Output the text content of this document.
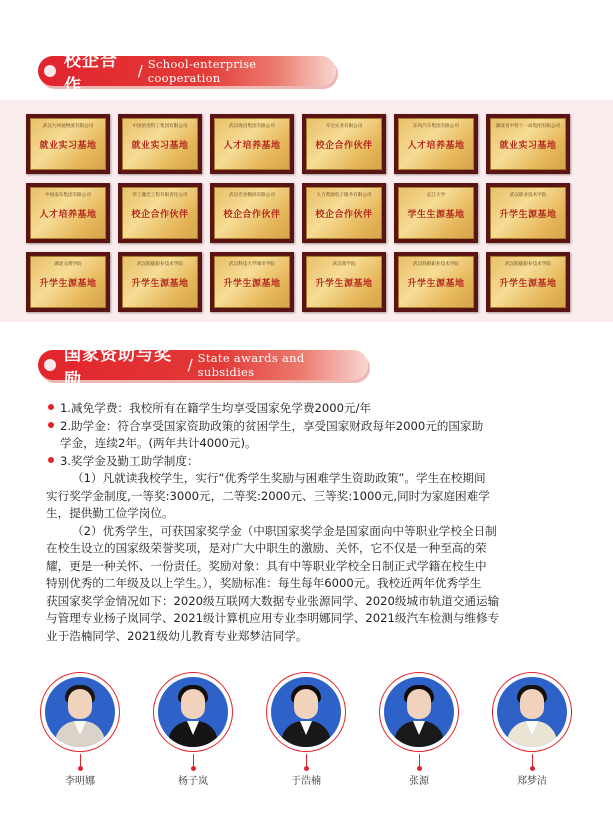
校企合作
/ School-enterprise cooperation
武汉九州通物流有限公司
就业实习基地
中国冶金科工集团有限公司
就业实习基地
武汉海昌集团有限公司
人才培养基地
开达实业有限公司
校企合作伙伴
东风汽车集团有限公司
人才培养基地
湖北省中铁十一局集团有限公司
就业实习基地
中国南车集团有限公司
人才培养基地
华工激光工程有限责任公司
校企合作伙伴
武汉光谷数码有限公司
校企合作伙伴
人力资源电子服务有限公司
校企合作伙伴
长江大学
学生生源基地
武汉职业技术学院
升学生源基地
湖北文理学院
升学生源基地
武汉船舶职业技术学院
升学生源基地
武汉科技大学城市学院
升学生源基地
武汉商学院
升学生源基地
武汉铁路职业技术学院
升学生源基地
武汉船舶职业技术学院
升学生源基地
国家资助与奖励
/ State awards and subsidies
1.减免学费：我校所有在籍学生均享受国家免学费2000元/年
2.助学金：符合享受国家资助政策的贫困学生，享受国家财政每年2000元的国家助
学金，连续2年。(两年共计4000元)。
3.奖学金及勤工助学制度：
（1）凡就读我校学生，实行“优秀学生奖励与困难学生资助政策”。学生在校期间
实行奖学金制度,一等奖:3000元，二等奖:2000元、三等奖:1000元,同时为家庭困难学
生，提供勤工俭学岗位。
（2）优秀学生，可获国家奖学金（中职国家奖学金是国家面向中等职业学校全日制
在校生设立的国家级荣誉奖项，是对广大中职生的激励、关怀，它不仅是一种至高的荣
耀，更是一种关怀、一份责任。奖励对象：具有中等职业学校全日制正式学籍在校生中
特别优秀的二年级及以上学生。），奖励标准：每生每年6000元。我校近两年优秀学生
获国家奖学金情况如下：2020级互联网大数据专业张源同学、2020级城市轨道交通运输
与管理专业杨子岚同学、2021级计算机应用专业李明娜同学、2021级汽车检测与维修专
业于浩楠同学、2021级幼儿教育专业郑梦洁同学。
李明娜	杨子岚	于浩楠	张源	郑梦洁
